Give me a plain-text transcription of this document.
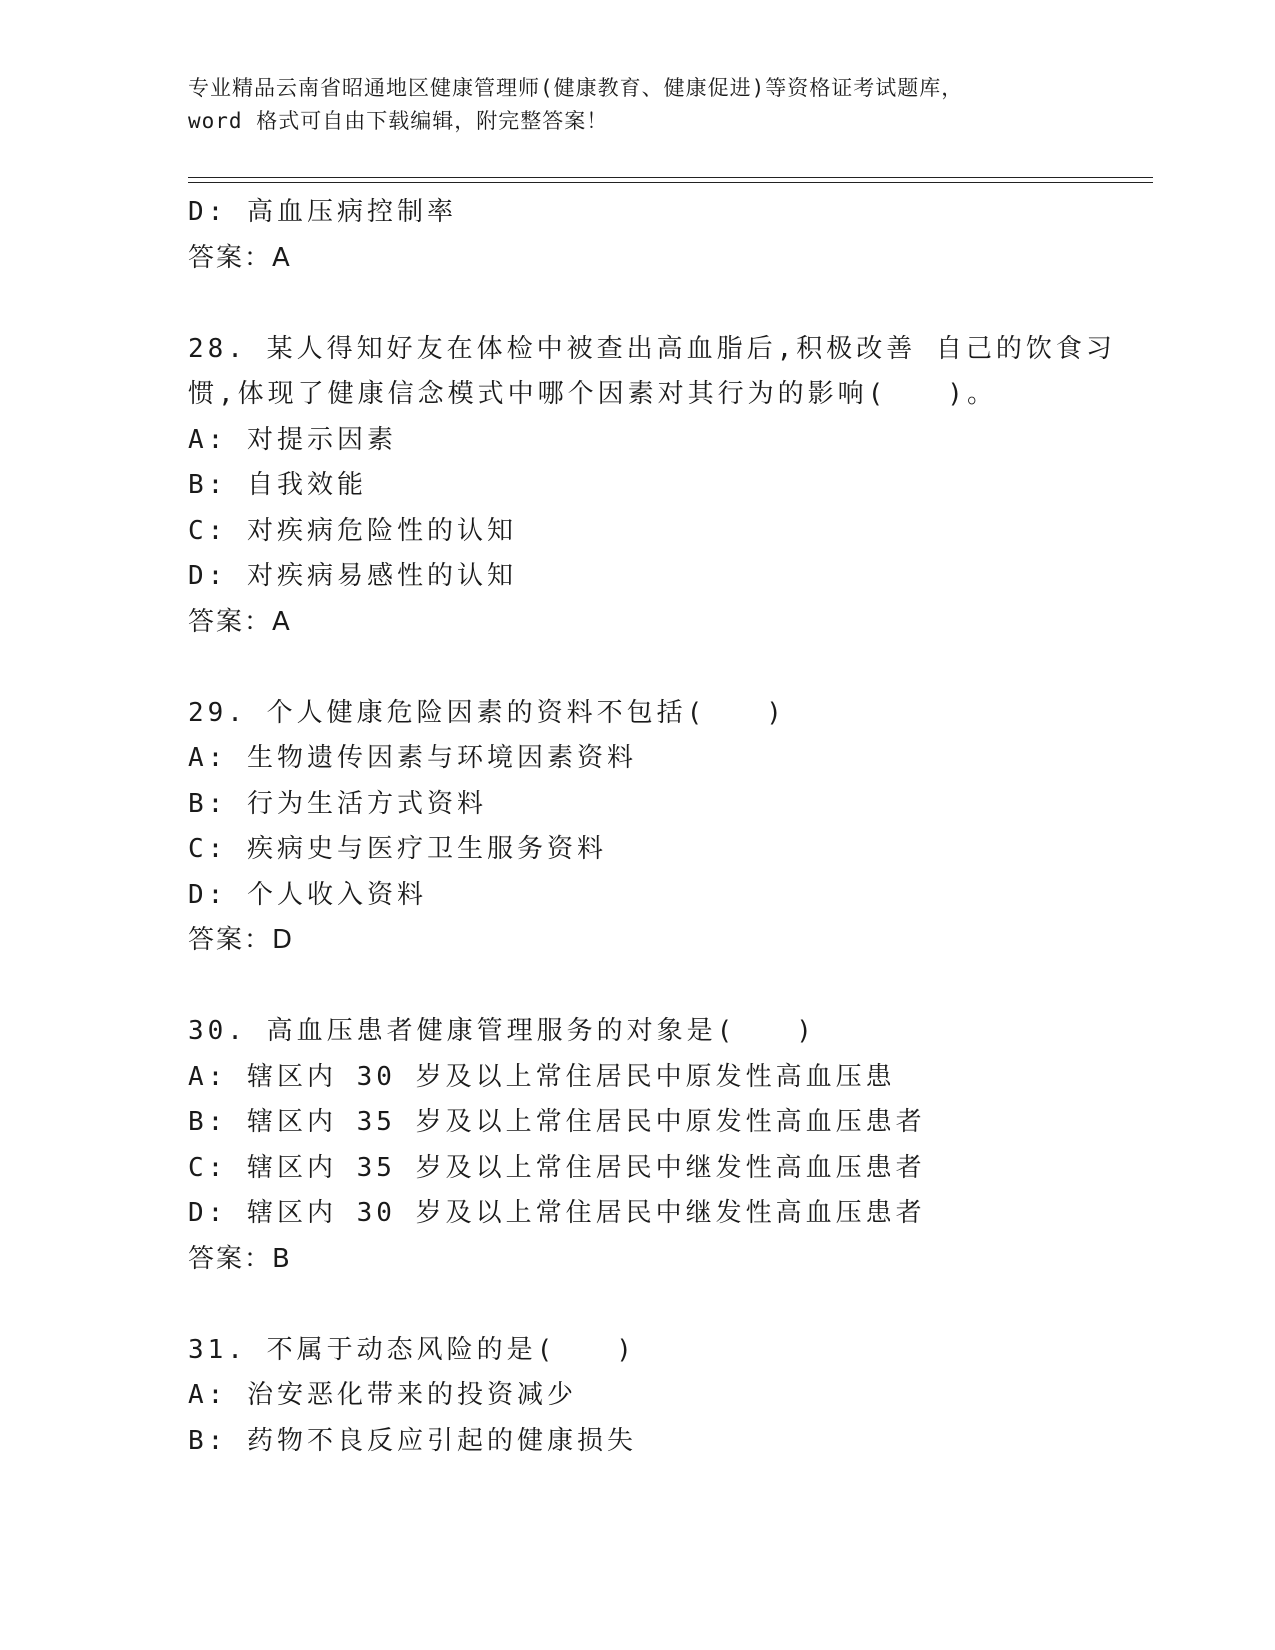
专业精品云南省昭通地区健康管理师(健康教育、健康促进)等资格证考试题库，
word 格式可自由下载编辑，附完整答案！
D: 高血压病控制率
答案：A
28. 某人得知好友在体检中被查出高血脂后,积极改善 自己的饮食习
惯,体现了健康信念模式中哪个因素对其行为的影响(　　)。
A: 对提示因素
B: 自我效能
C: 对疾病危险性的认知
D: 对疾病易感性的认知
答案：A
29. 个人健康危险因素的资料不包括(　　)
A: 生物遗传因素与环境因素资料
B: 行为生活方式资料
C: 疾病史与医疗卫生服务资料
D: 个人收入资料
答案：D
30. 高血压患者健康管理服务的对象是(　　)
A: 辖区内 30 岁及以上常住居民中原发性高血压患
B: 辖区内 35 岁及以上常住居民中原发性高血压患者
C: 辖区内 35 岁及以上常住居民中继发性高血压患者
D: 辖区内 30 岁及以上常住居民中继发性高血压患者
答案：B
31. 不属于动态风险的是(　　)
A: 治安恶化带来的投资减少
B: 药物不良反应引起的健康损失
